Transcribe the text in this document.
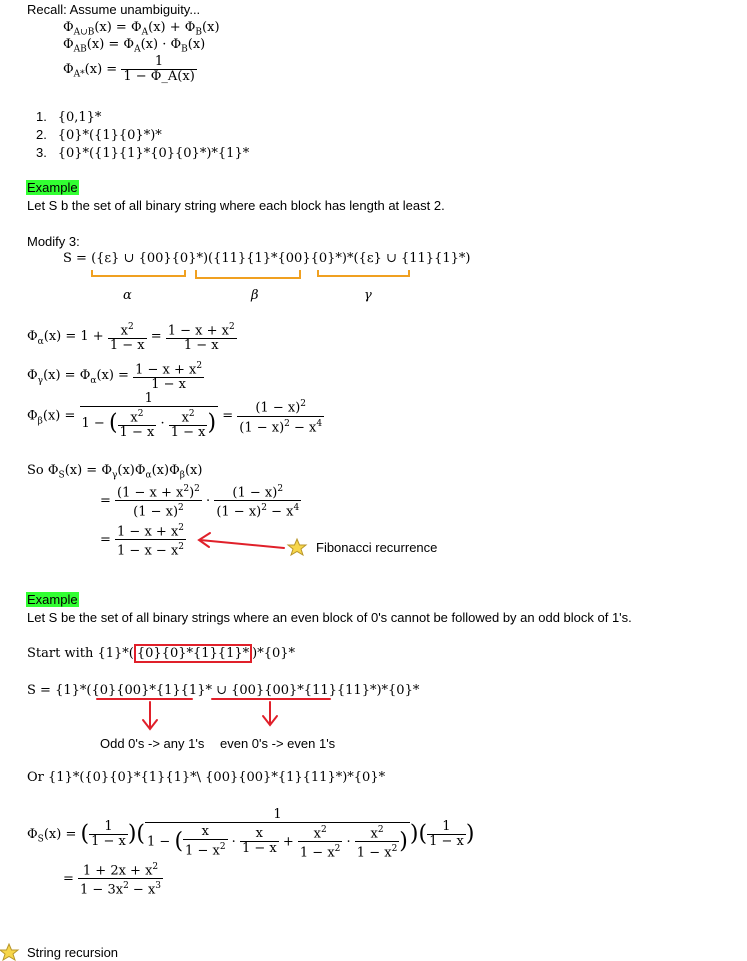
Recall: Assume unambiguity...
$\Phi_{A\cup B}(x) = \Phi_A(x) + \Phi_B(x)$
$\Phi_{AB}(x) = \Phi_A(x) \cdot \Phi_B(x)$
$\Phi_{A*}(x) = \frac{1}{1 - \Phi\_A(x)}$
1. {0,1}*
2. {0}*({1}{0}*)*
3. {0}*({1}{1}*{0}{0}*)*{1}*
Example
Let S b the set of all binary string where each block has length at least 2.
Modify 3:
S = ({ε} ∪ {00}{0}*)({11}{1}*{00}{0}*)*({ε} ∪ {11}{1}*)
α	β	γ
$\Phi_\alpha(x) = 1 + \frac{x^2}{1 - x} = \frac{1 - x + x^2}{1 - x}$
$\Phi_\gamma(x) = \Phi_\alpha(x) = \frac{1 - x + x^2}{1 - x}$
$\Phi_\beta(x) = \frac{1}{1 - ( \frac{x^2}{1 - x} \cdot \frac{x^2}{1 - x} )} = \frac{(1 - x)^2}{(1 - x)^2 - x^4}$
So $\Phi_S(x) = \Phi_\gamma(x)\Phi_\alpha(x)\Phi_\beta(x)$
= $\frac{(1 - x + x^2)^2}{(1 - x)^2} \cdot \frac{(1 - x)^2}{(1 - x)^2 - x^4}$
= $\frac{1 - x + x^2}{1 - x - x^2}$	Fibonacci recurrence
Example
Let S be the set of all binary strings where an even block of 0's cannot be followed by an odd block of 1's.
Start with {1}*( {0}{0}*{1}{1}* )*{0}*
S = {1}*({0}{00}*{1}{1}* ∪ {00}{00}*{11}{11}*)*{0}*
Odd 0's -> any 1's even 0's -> even 1's
Or {1}*({0}{0}*{1}{1}*\ {00}{00}*{1}{11}*)*{0}*
$\Phi_S(x)$ = ( $\frac{1}{1 - x}$ )( $\frac{1}{1 - ( \frac{x}{1 - x^2} \cdot \frac{x}{1 - x} + \frac{x^2}{1 - x^2} \cdot \frac{x^2}{1 - x^2} )}$ )( $\frac{1}{1 - x}$ )
= $\frac{1 + 2x + x^2}{1 - 3x^2 - x^3}$
String recursion
